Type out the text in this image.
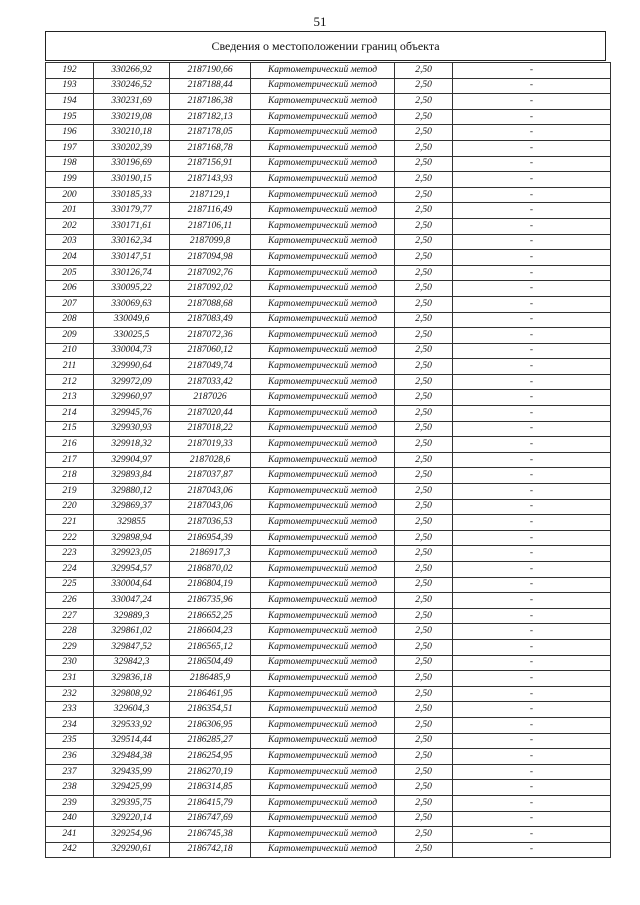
51
Сведения о местоположении границ объекта
192	330266,92	2187190,66	Картометрический метод	2,50	-
193	330246,52	2187188,44	Картометрический метод	2,50	-
194	330231,69	2187186,38	Картометрический метод	2,50	-
195	330219,08	2187182,13	Картометрический метод	2,50	-
196	330210,18	2187178,05	Картометрический метод	2,50	-
197	330202,39	2187168,78	Картометрический метод	2,50	-
198	330196,69	2187156,91	Картометрический метод	2,50	-
199	330190,15	2187143,93	Картометрический метод	2,50	-
200	330185,33	2187129,1	Картометрический метод	2,50	-
201	330179,77	2187116,49	Картометрический метод	2,50	-
202	330171,61	2187106,11	Картометрический метод	2,50	-
203	330162,34	2187099,8	Картометрический метод	2,50	-
204	330147,51	2187094,98	Картометрический метод	2,50	-
205	330126,74	2187092,76	Картометрический метод	2,50	-
206	330095,22	2187092,02	Картометрический метод	2,50	-
207	330069,63	2187088,68	Картометрический метод	2,50	-
208	330049,6	2187083,49	Картометрический метод	2,50	-
209	330025,5	2187072,36	Картометрический метод	2,50	-
210	330004,73	2187060,12	Картометрический метод	2,50	-
211	329990,64	2187049,74	Картометрический метод	2,50	-
212	329972,09	2187033,42	Картометрический метод	2,50	-
213	329960,97	2187026	Картометрический метод	2,50	-
214	329945,76	2187020,44	Картометрический метод	2,50	-
215	329930,93	2187018,22	Картометрический метод	2,50	-
216	329918,32	2187019,33	Картометрический метод	2,50	-
217	329904,97	2187028,6	Картометрический метод	2,50	-
218	329893,84	2187037,87	Картометрический метод	2,50	-
219	329880,12	2187043,06	Картометрический метод	2,50	-
220	329869,37	2187043,06	Картометрический метод	2,50	-
221	329855	2187036,53	Картометрический метод	2,50	-
222	329898,94	2186954,39	Картометрический метод	2,50	-
223	329923,05	2186917,3	Картометрический метод	2,50	-
224	329954,57	2186870,02	Картометрический метод	2,50	-
225	330004,64	2186804,19	Картометрический метод	2,50	-
226	330047,24	2186735,96	Картометрический метод	2,50	-
227	329889,3	2186652,25	Картометрический метод	2,50	-
228	329861,02	2186604,23	Картометрический метод	2,50	-
229	329847,52	2186565,12	Картометрический метод	2,50	-
230	329842,3	2186504,49	Картометрический метод	2,50	-
231	329836,18	2186485,9	Картометрический метод	2,50	-
232	329808,92	2186461,95	Картометрический метод	2,50	-
233	329604,3	2186354,51	Картометрический метод	2,50	-
234	329533,92	2186306,95	Картометрический метод	2,50	-
235	329514,44	2186285,27	Картометрический метод	2,50	-
236	329484,38	2186254,95	Картометрический метод	2,50	-
237	329435,99	2186270,19	Картометрический метод	2,50	-
238	329425,99	2186314,85	Картометрический метод	2,50	-
239	329395,75	2186415,79	Картометрический метод	2,50	-
240	329220,14	2186747,69	Картометрический метод	2,50	-
241	329254,96	2186745,38	Картометрический метод	2,50	-
242	329290,61	2186742,18	Картометрический метод	2,50	-
